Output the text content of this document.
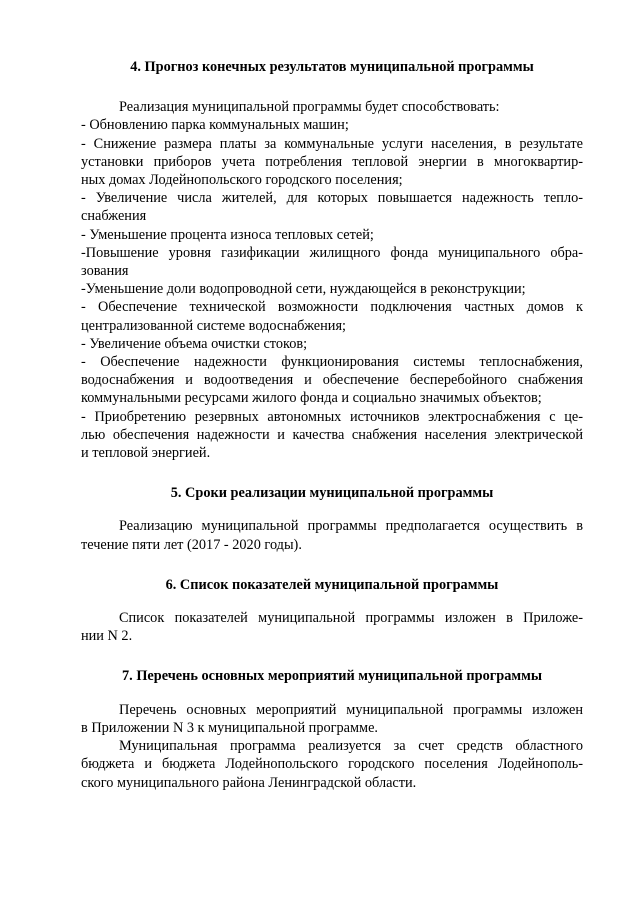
4. Прогноз конечных результатов муниципальной программы

Реализация муниципальной программы будет способствовать:
- Обновлению парка коммунальных машин;
- Снижение размера платы за коммунальные услуги населения, в результате
установки приборов учета потребления тепловой энергии в многоквартир-
ных домах Лодейнопольского городского поселения;
- Увеличение числа жителей, для которых повышается надежность тепло-
снабжения
- Уменьшение процента износа тепловых сетей;
-Повышение уровня газификации жилищного фонда муниципального обра-
зования
-Уменьшение доли водопроводной сети, нуждающейся в реконструкции;
- Обеспечение технической возможности подключения частных домов к
централизованной системе водоснабжения;
- Увеличение объема очистки стоков;
- Обеспечение надежности функционирования системы теплоснабжения,
водоснабжения и водоотведения и обеспечение бесперебойного снабжения
коммунальными ресурсами жилого фонда и социально значимых объектов;
- Приобретению резервных автономных источников электроснабжения с це-
лью обеспечения надежности и качества снабжения населения электрической
и тепловой энергией.

5. Сроки реализации муниципальной программы

Реализацию муниципальной программы предполагается осуществить в
течение пяти лет (2017 - 2020 годы).

6. Список показателей муниципальной программы

Список показателей муниципальной программы изложен в Приложе-
нии N 2.

7. Перечень основных мероприятий муниципальной программы

Перечень основных мероприятий муниципальной программы изложен
в Приложении N 3 к муниципальной программе.
Муниципальная программа реализуется за счет средств областного
бюджета и бюджета Лодейнопольского городского поселения Лодейнополь-
ского муниципального района Ленинградской области.
